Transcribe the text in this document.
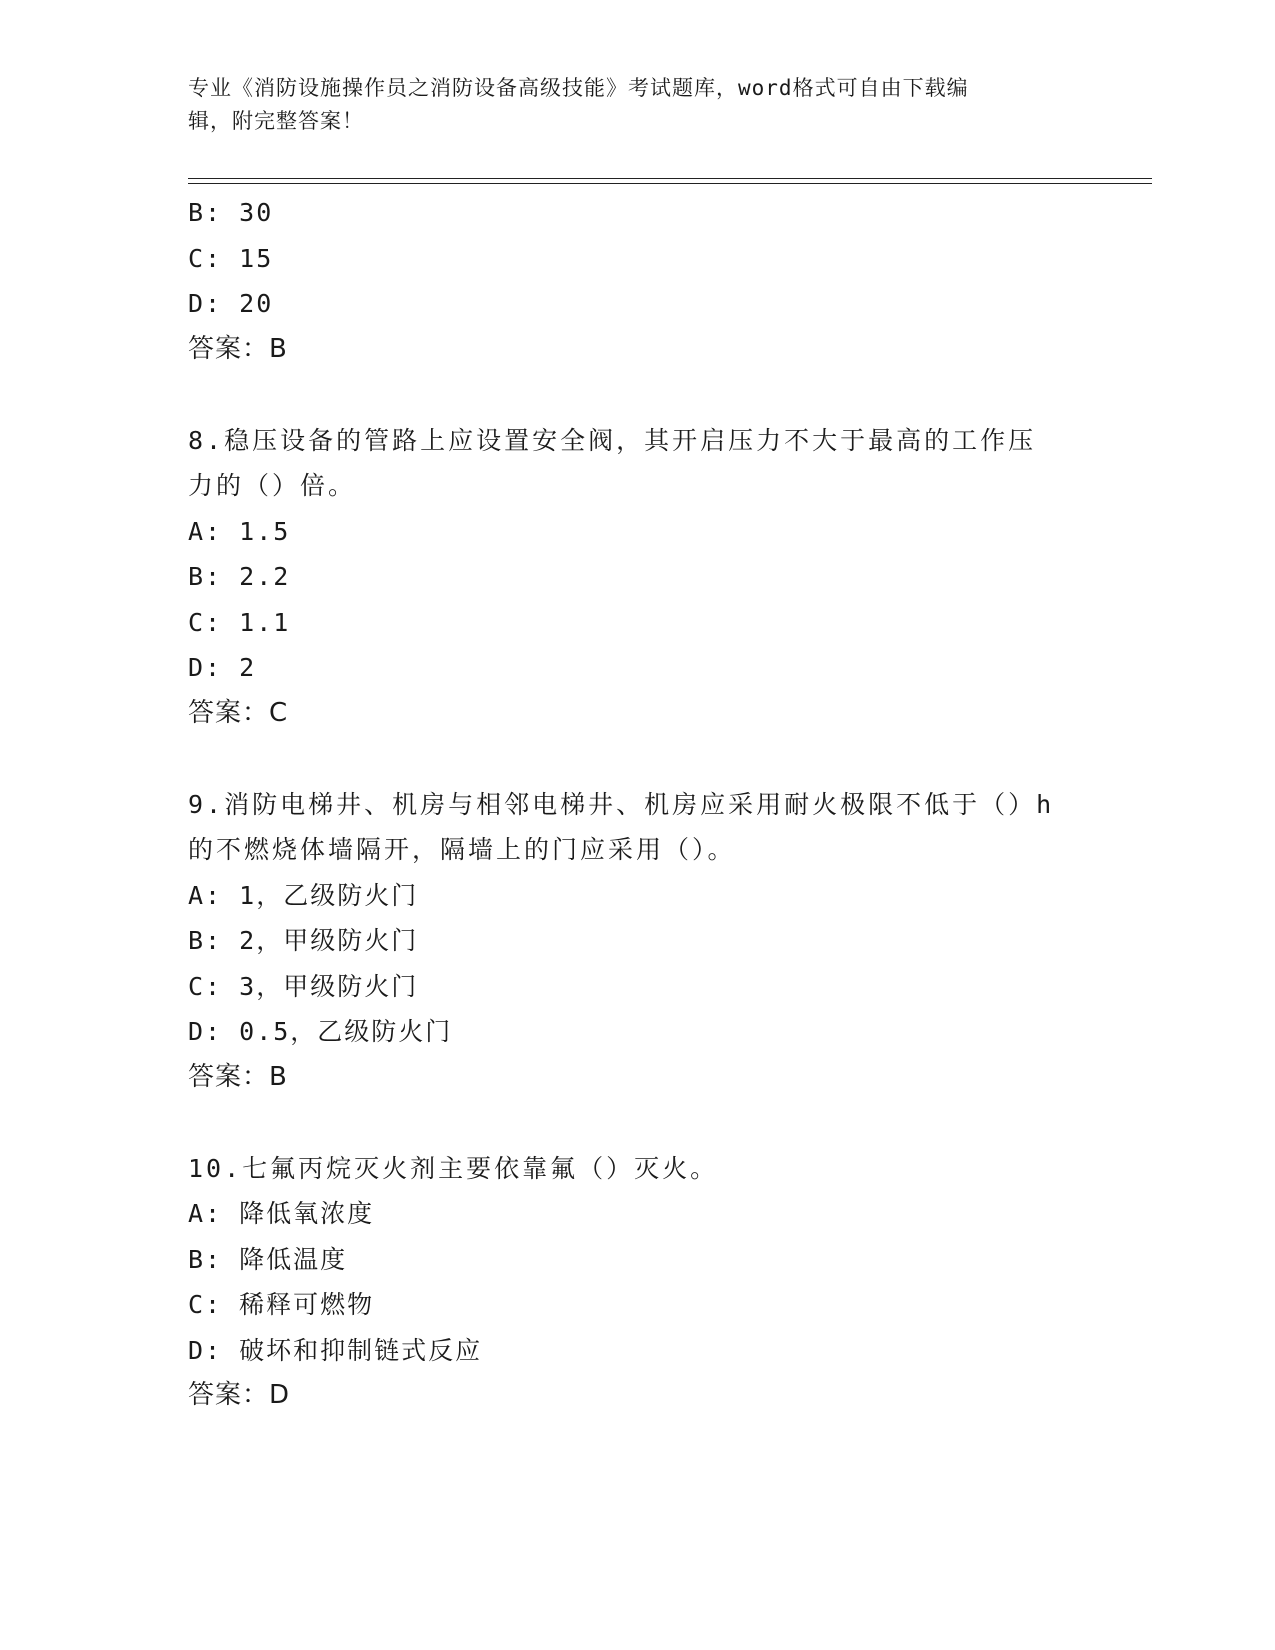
专业《消防设施操作员之消防设备高级技能》考试题库，word格式可自由下载编
辑，附完整答案！
B: 30
C: 15
D: 20
答案：B
8.稳压设备的管路上应设置安全阀，其开启压力不大于最高的工作压
力的（）倍。
A: 1.5
B: 2.2
C: 1.1
D: 2
答案：C
9.消防电梯井、机房与相邻电梯井、机房应采用耐火极限不低于（）h
的不燃烧体墙隔开，隔墙上的门应采用（）。
A: 1，乙级防火门
B: 2，甲级防火门
C: 3，甲级防火门
D: 0.5，乙级防火门
答案：B
10.七氟丙烷灭火剂主要依靠氟（）灭火。
A: 降低氧浓度
B: 降低温度
C: 稀释可燃物
D: 破坏和抑制链式反应
答案：D
